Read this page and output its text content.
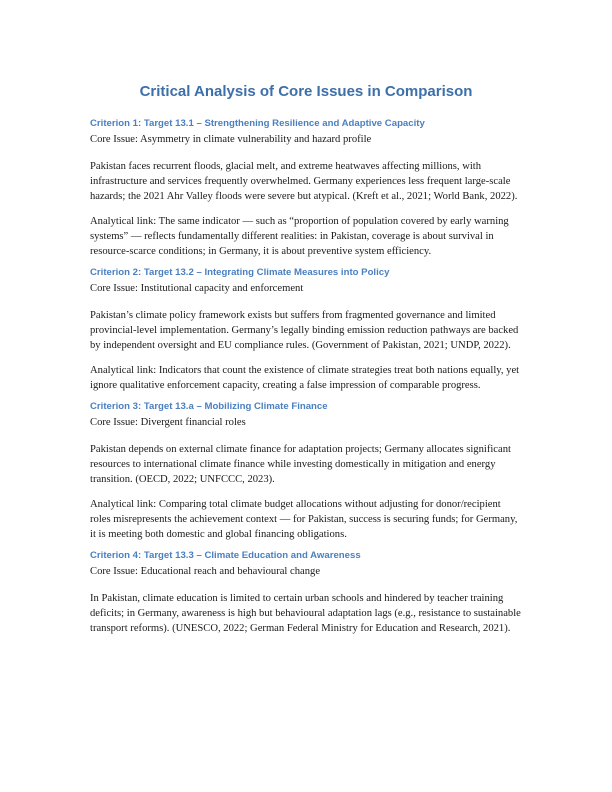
Critical Analysis of Core Issues in Comparison
Criterion 1: Target 13.1 – Strengthening Resilience and Adaptive Capacity
Core Issue: Asymmetry in climate vulnerability and hazard profile

Pakistan faces recurrent floods, glacial melt, and extreme heatwaves affecting millions, with infrastructure and services frequently overwhelmed. Germany experiences less frequent large-scale hazards; the 2021 Ahr Valley floods were severe but atypical. (Kreft et al., 2021; World Bank, 2022).

Analytical link: The same indicator — such as “proportion of population covered by early warning systems” — reflects fundamentally different realities: in Pakistan, coverage is about survival in resource-scarce conditions; in Germany, it is about preventive system efficiency.

Criterion 2: Target 13.2 – Integrating Climate Measures into Policy
Core Issue: Institutional capacity and enforcement

Pakistan’s climate policy framework exists but suffers from fragmented governance and limited provincial-level implementation. Germany’s legally binding emission reduction pathways are backed by independent oversight and EU compliance rules. (Government of Pakistan, 2021; UNDP, 2022).

Analytical link: Indicators that count the existence of climate strategies treat both nations equally, yet ignore qualitative enforcement capacity, creating a false impression of comparable progress.

Criterion 3: Target 13.a – Mobilizing Climate Finance
Core Issue: Divergent financial roles

Pakistan depends on external climate finance for adaptation projects; Germany allocates significant resources to international climate finance while investing domestically in mitigation and energy transition. (OECD, 2022; UNFCCC, 2023).

Analytical link: Comparing total climate budget allocations without adjusting for donor/recipient roles misrepresents the achievement context — for Pakistan, success is securing funds; for Germany, it is meeting both domestic and global financing obligations.

Criterion 4: Target 13.3 – Climate Education and Awareness
Core Issue: Educational reach and behavioural change

In Pakistan, climate education is limited to certain urban schools and hindered by teacher training deficits; in Germany, awareness is high but behavioural adaptation lags (e.g., resistance to sustainable transport reforms). (UNESCO, 2022; German Federal Ministry for Education and Research, 2021).
